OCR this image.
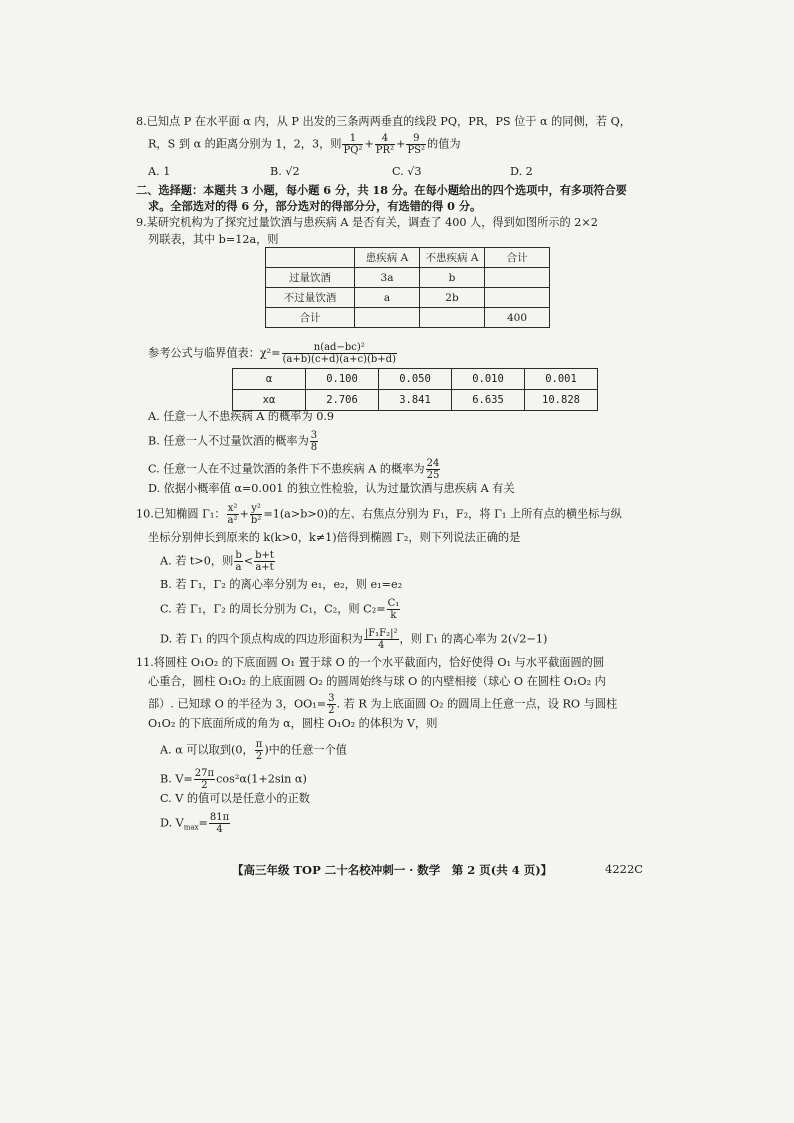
8.已知点 P 在水平面 α 内，从 P 出发的三条两两垂直的线段 PQ，PR，PS 位于 α 的同侧，若 Q，
R，S 到 α 的距离分别为 1，2，3，则 $\frac{1}{\text{PQ²}} + \frac{4}{\text{PR²}} + \frac{9}{\text{PS²}}$ 的值为
A. 1	B. √2	C. √3	D. 2
二、选择题：本题共 3 小题，每小题 6 分，共 18 分。在每小题给出的四个选项中，有多项符合要
求。全部选对的得 6 分，部分选对的得部分分，有选错的得 0 分。
9.某研究机构为了探究过量饮酒与患疾病 A 是否有关，调查了 400 人，得到如图所示的 2×2
列联表，其中 b=12a，则
	患疾病 A	不患疾病 A	合计
过量饮酒	3a	b	
不过量饮酒	a	2b	
合计			400
参考公式与临界值表：$\chi^2= \frac{\text{n(ad−bc)²}}{(a+b)(c+d)(a+c)(b+d)}$
α	0.100	0.050	0.010	0.001
xα	2.706	3.841	6.635	10.828
A. 任意一人不患疾病 A 的概率为 0.9
B. 任意一人不过量饮酒的概率为 $\frac{3}{8}$
C. 任意一人在不过量饮酒的条件下不患疾病 A 的概率为 $\frac{24}{25}$
D. 依据小概率值 α=0.001 的独立性检验，认为过量饮酒与患疾病 A 有关
10.已知椭圆 Γ₁： $\frac{\text{x²}}{\text{a²}} + \frac{\text{y²}}{\text{b²}} =1(a>b>0)$的左、右焦点分别为 F₁，F₂，将 Γ₁ 上所有点的横坐标与纵
坐标分别伸长到原来的 k(k>0，k≠1)倍得到椭圆 Γ₂，则下列说法正确的是
A. 若 t>0，则 $\frac{b}{a} < \frac{b+t}{a+t}$
B. 若 Γ₁，Γ₂ 的离心率分别为 e₁，e₂，则 e₁=e₂
C. 若 Γ₁，Γ₂ 的周长分别为 C₁，C₂，则 $C_2= \frac{\text{C₁}}{k}$
D. 若 Γ₁ 的四个顶点构成的四边形面积为 $\frac{\text{|F₁F₂|²}}{4}$ ，则 Γ₁ 的离心率为 2(√2−1)
11.将圆柱 O₁O₂ 的下底面圆 O₁ 置于球 O 的一个水平截面内，恰好使得 O₁ 与水平截面圆的圆
心重合，圆柱 O₁O₂ 的上底面圆 O₂ 的圆周始终与球 O 的内壁相接（球心 O 在圆柱 O₁O₂ 内
部）. 已知球 O 的半径为 3，$OO_1= \frac{3}{2}$ . 若 R 为上底面圆 O₂ 的圆周上任意一点，设 RO 与圆柱
O₁O₂ 的下底面所成的角为 α，圆柱 O₁O₂ 的体积为 V，则
A. α 可以取到(0， $\frac{\pi}{2}$ )中的任意一个值
B. $V= \frac{27\pi}{2} \cos^2\alpha(1+2\sin$ α)
C. V 的值可以是任意小的正数
D. $V_{max}= \frac{81\pi}{4}$
【高三年级 TOP 二十名校冲刺一 · 数学　第 2 页(共 4 页)】	4222C
